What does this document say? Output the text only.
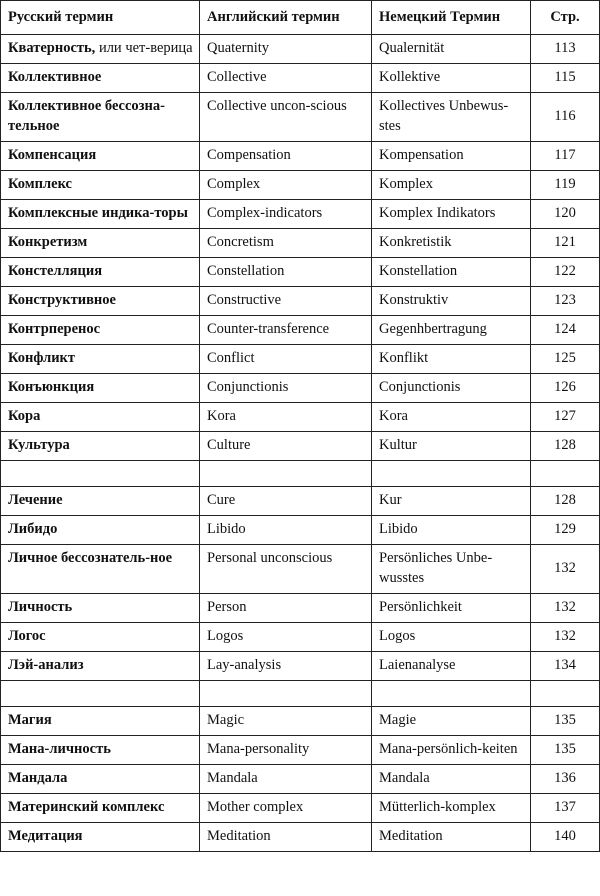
Русский термин	Английский термин	Немецкий Термин	Стр.
Кватерность, или чет-верица	Quaternity	Qualernität	113
Коллективное	Collective	Kollektive	115
Коллективное бессозна-тельное	Collective uncon-scious	Kollectives Unbewus-stes	116
Компенсация	Compensation	Kompensation	117
Комплекс	Complex	Komplex	119
Комплексные индика-торы	Complex-indicators	Komplex Indikators	120
Конкретизм	Concretism	Konkretistik	121
Констелляция	Constellation	Konstellation	122
Конструктивное	Constructive	Konstruktiv	123
Контрперенос	Counter-transference	Gegenhbertragung	124
Конфликт	Conflict	Konflikt	125
Конъюнкция	Conjunctionis	Conjunctionis	126
Кора	Kora	Kora	127
Культура	Culture	Kultur	128

Лечение	Cure	Kur	128
Либидо	Libido	Libido	129
Личное бессознатель-ное	Personal unconscious	Persönliches Unbe-wusstes	132
Личность	Person	Persönlichkeit	132
Логос	Logos	Logos	132
Лэй-анализ	Lay-analysis	Laienanalyse	134

Магия	Magic	Magie	135
Мана-личность	Mana-personality	Mana-persönlich-keiten	135
Мандала	Mandala	Mandala	136
Материнский комплекс	Mother complex	Mütterlich-komplex	137
Медитация	Meditation	Meditation	140
